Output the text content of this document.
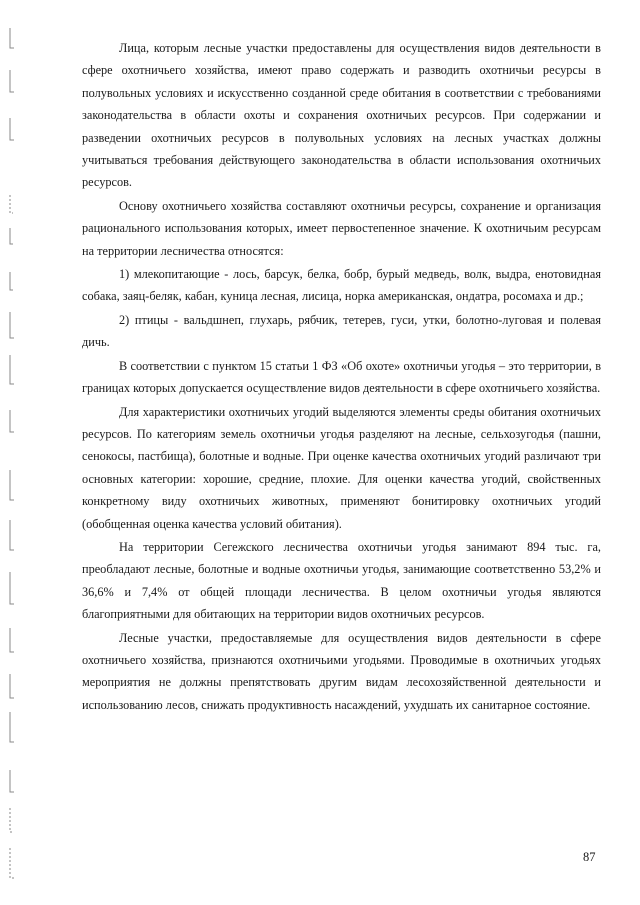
Лица, которым лесные участки предоставлены для осуществления видов деятельности в сфере охотничьего хозяйства, имеют право содержать и разводить охотничьи ресурсы в полувольных условиях и искусственно созданной среде обитания в соответствии с требованиями законодательства в области охоты и сохранения охотничьих ресурсов. При содержании и разведении охотничьих ресурсов в полувольных условиях на лесных участках должны учитываться требования действующего законодательства в области использования охотничьих ресурсов.

Основу охотничьего хозяйства составляют охотничьи ресурсы, сохранение и организация рационального использования которых, имеет первостепенное значение. К охотничьим ресурсам на территории лесничества относятся:

1) млекопитающие - лось, барсук, белка, бобр, бурый медведь, волк, выдра, енотовидная собака, заяц-беляк, кабан, куница лесная, лисица, норка американская, ондатра, росомаха и др.;

2) птицы - вальдшнеп, глухарь, рябчик, тетерев, гуси, утки, болотно-луговая и полевая дичь.

В соответствии с пунктом 15 статьи 1 ФЗ «Об охоте» охотничьи угодья – это территории, в границах которых допускается осуществление видов деятельности в сфере охотничьего хозяйства.

Для характеристики охотничьих угодий выделяются элементы среды обитания охотничьих ресурсов. По категориям земель охотничьи угодья разделяют на лесные, сельхозугодья (пашни, сенокосы, пастбища), болотные и водные. При оценке качества охотничьих угодий различают три основных категории: хорошие, средние, плохие. Для оценки качества угодий, свойственных конкретному виду охотничьих животных, применяют бонитировку охотничьих угодий (обобщенная оценка качества условий обитания).

На территории Сегежского лесничества охотничьи угодья занимают 894 тыс. га, преобладают лесные, болотные и водные охотничьи угодья, занимающие соответственно 53,2% и 36,6% и 7,4% от общей площади лесничества. В целом охотничьи угодья являются благоприятными для обитающих на территории видов охотничьих ресурсов.

Лесные участки, предоставляемые для осуществления видов деятельности в сфере охотничьего хозяйства, признаются охотничьими угодьями. Проводимые в охотничьих угодьях мероприятия не должны препятствовать другим видам лесохозяйственной деятельности и использованию лесов, снижать продуктивность насаждений, ухудшать их санитарное состояние.

87
